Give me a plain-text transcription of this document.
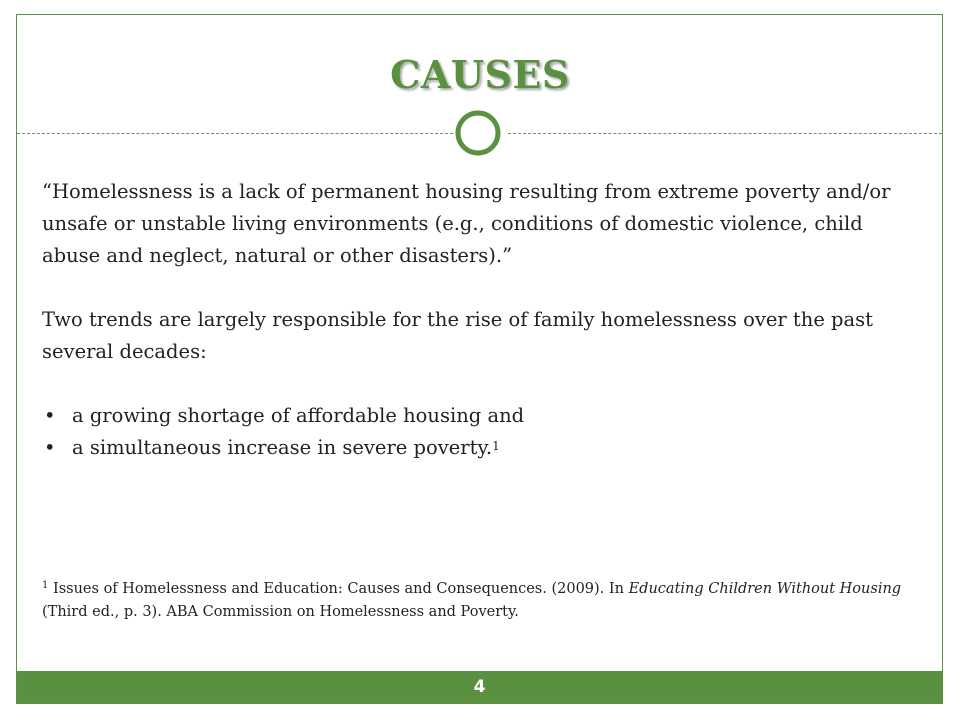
CAUSES

“Homelessness is a lack of permanent housing resulting from extreme poverty and/or unsafe or unstable living environments (e.g., conditions of domestic violence, child abuse and neglect, natural or other disasters).”

Two trends are largely responsible for the rise of family homelessness over the past several decades:

• a growing shortage of affordable housing and
• a simultaneous increase in severe poverty.$^1$
$^1$ Issues of Homelessness and Education: Causes and Consequences. (2009). In Educating Children Without Housing (Third ed., p. 3). ABA Commission on Homelessness and Poverty.
4
